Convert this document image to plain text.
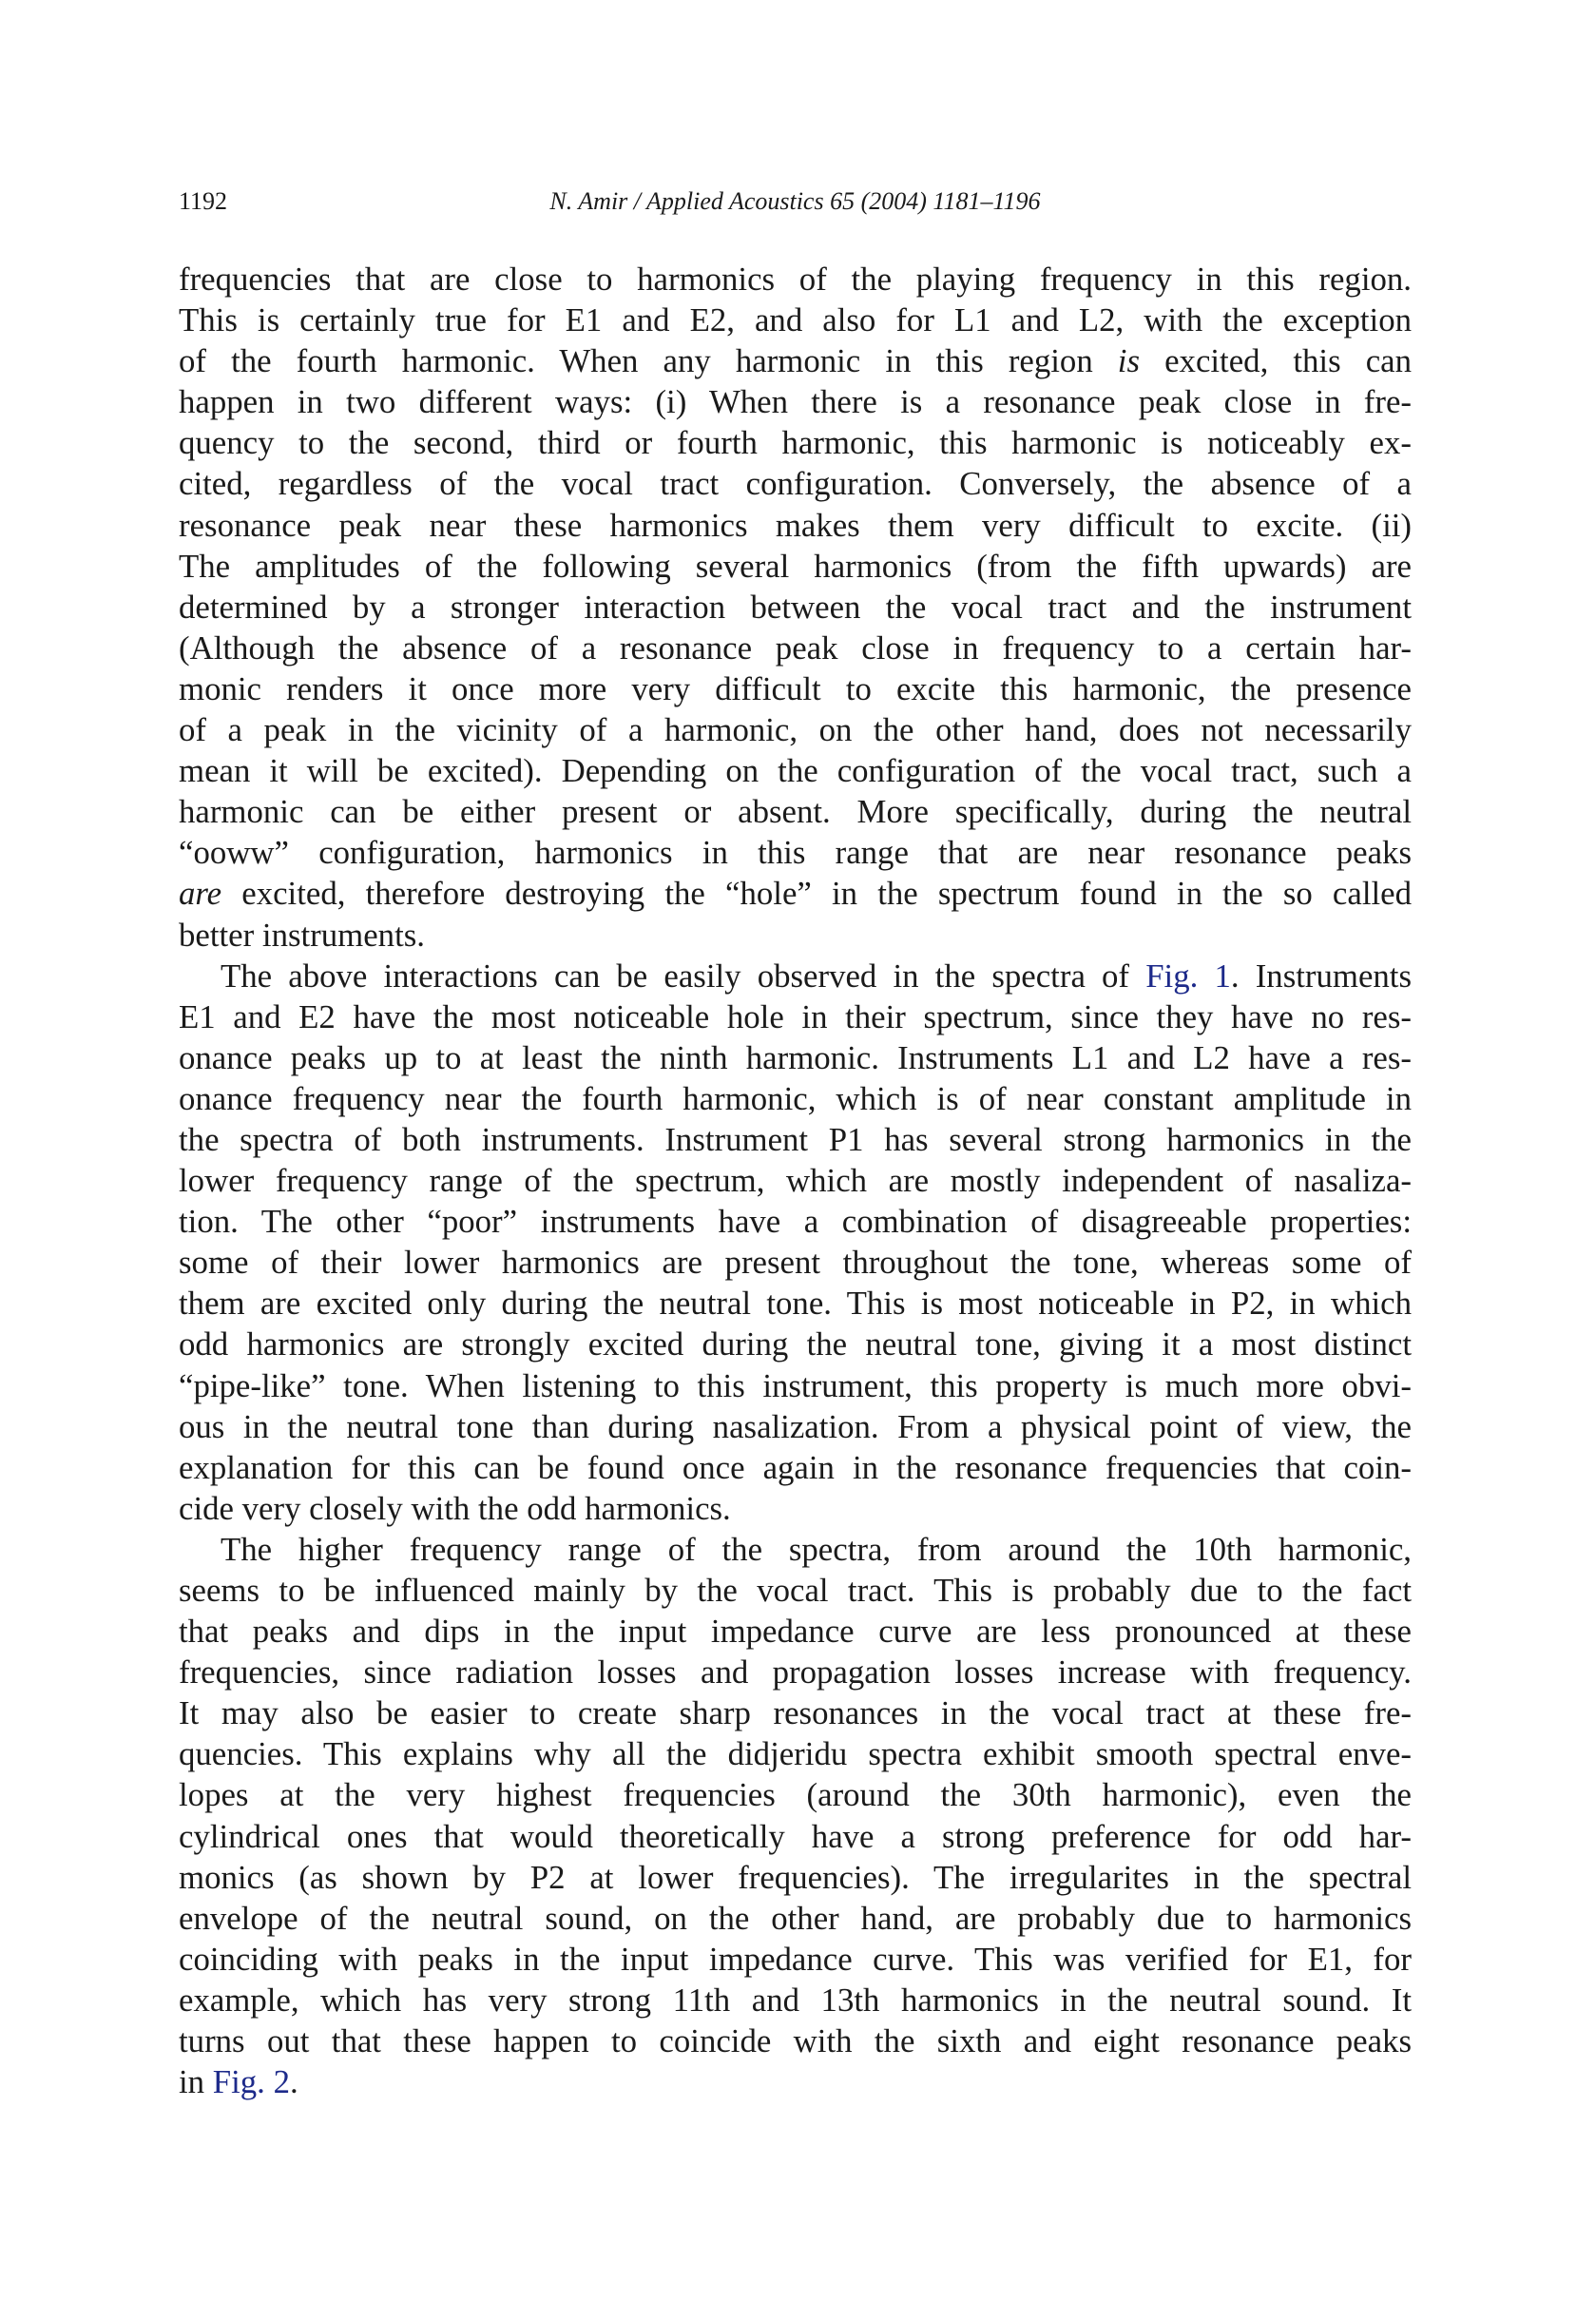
1192	N. Amir / Applied Acoustics 65 (2004) 1181–1196
frequencies that are close to harmonics of the playing frequency in this region.
This is certainly true for E1 and E2, and also for L1 and L2, with the exception
of the fourth harmonic. When any harmonic in this region is excited, this can
happen in two different ways: (i) When there is a resonance peak close in fre-
quency to the second, third or fourth harmonic, this harmonic is noticeably ex-
cited, regardless of the vocal tract configuration. Conversely, the absence of a
resonance peak near these harmonics makes them very difficult to excite. (ii)
The amplitudes of the following several harmonics (from the fifth upwards) are
determined by a stronger interaction between the vocal tract and the instrument
(Although the absence of a resonance peak close in frequency to a certain har-
monic renders it once more very difficult to excite this harmonic, the presence
of a peak in the vicinity of a harmonic, on the other hand, does not necessarily
mean it will be excited). Depending on the configuration of the vocal tract, such a
harmonic can be either present or absent. More specifically, during the neutral
“ooww” configuration, harmonics in this range that are near resonance peaks
are excited, therefore destroying the “hole” in the spectrum found in the so called
better instruments.
The above interactions can be easily observed in the spectra of Fig. 1. Instruments
E1 and E2 have the most noticeable hole in their spectrum, since they have no res-
onance peaks up to at least the ninth harmonic. Instruments L1 and L2 have a res-
onance frequency near the fourth harmonic, which is of near constant amplitude in
the spectra of both instruments. Instrument P1 has several strong harmonics in the
lower frequency range of the spectrum, which are mostly independent of nasaliza-
tion. The other “poor” instruments have a combination of disagreeable properties:
some of their lower harmonics are present throughout the tone, whereas some of
them are excited only during the neutral tone. This is most noticeable in P2, in which
odd harmonics are strongly excited during the neutral tone, giving it a most distinct
“pipe-like” tone. When listening to this instrument, this property is much more obvi-
ous in the neutral tone than during nasalization. From a physical point of view, the
explanation for this can be found once again in the resonance frequencies that coin-
cide very closely with the odd harmonics.
The higher frequency range of the spectra, from around the 10th harmonic,
seems to be influenced mainly by the vocal tract. This is probably due to the fact
that peaks and dips in the input impedance curve are less pronounced at these
frequencies, since radiation losses and propagation losses increase with frequency.
It may also be easier to create sharp resonances in the vocal tract at these fre-
quencies. This explains why all the didjeridu spectra exhibit smooth spectral enve-
lopes at the very highest frequencies (around the 30th harmonic), even the
cylindrical ones that would theoretically have a strong preference for odd har-
monics (as shown by P2 at lower frequencies). The irregularites in the spectral
envelope of the neutral sound, on the other hand, are probably due to harmonics
coinciding with peaks in the input impedance curve. This was verified for E1, for
example, which has very strong 11th and 13th harmonics in the neutral sound. It
turns out that these happen to coincide with the sixth and eight resonance peaks
in Fig. 2.
